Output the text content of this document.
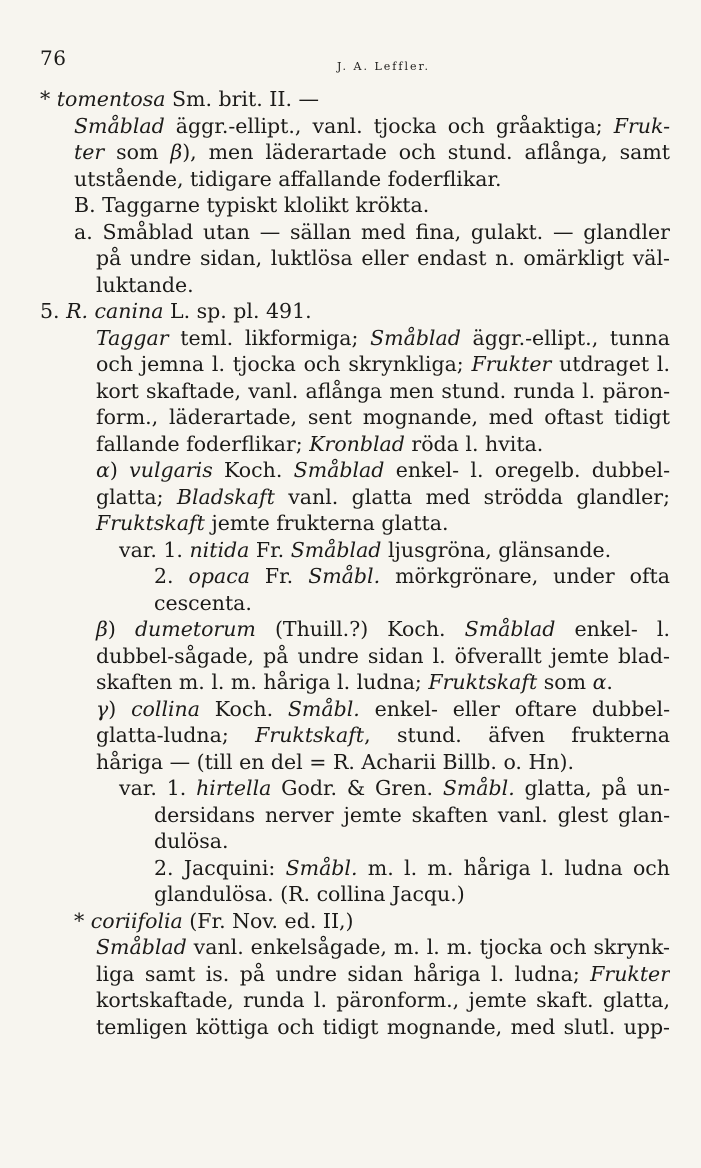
76	J. A. Leffler.
* tomentosa Sm. brit. II. —
Småblad äggr.-ellipt., vanl. tjocka och gråaktiga; Fruk-
ter som β), men läderartade och stund. aflånga, samt
utstående, tidigare affallande foderflikar.
B. Taggarne typiskt klolikt krökta.
a. Småblad utan — sällan med fina, gulakt. — glandler
på undre sidan, luktlösa eller endast n. omärkligt väl-
luktande.
5. R. canina L. sp. pl. 491.
Taggar teml. likformiga; Småblad äggr.-ellipt., tunna
och jemna l. tjocka och skrynkliga; Frukter utdraget l.
kort skaftade, vanl. aflånga men stund. runda l. päron-
form., läderartade, sent mognande, med oftast tidigt
fallande foderflikar; Kronblad röda l. hvita.
α) vulgaris Koch. Småblad enkel- l. oregelb. dubbel-
glatta; Bladskaft vanl. glatta med strödda glandler;
Fruktskaft jemte frukterna glatta.
var. 1. nitida Fr. Småblad ljusgröna, glänsande.
2. opaca Fr. Småbl. mörkgrönare, under ofta
cescenta.
β) dumetorum (Thuill.?) Koch. Småblad enkel- l.
dubbel-sågade, på undre sidan l. öfverallt jemte blad-
skaften m. l. m. håriga l. ludna; Fruktskaft som α.
γ) collina Koch. Småbl. enkel- eller oftare dubbel-
glatta-ludna; Fruktskaft, stund. äfven frukterna
håriga — (till en del = R. Acharii Billb. o. Hn).
var. 1. hirtella Godr. & Gren. Småbl. glatta, på un-
dersidans nerver jemte skaften vanl. glest glan-
dulösa.
2. Jacquini: Småbl. m. l. m. håriga l. ludna och
glandulösa. (R. collina Jacqu.)
* coriifolia (Fr. Nov. ed. II,)
Småblad vanl. enkelsågade, m. l. m. tjocka och skrynk-
liga samt is. på undre sidan håriga l. ludna; Frukter
kortskaftade, runda l. päronform., jemte skaft. glatta,
temligen köttiga och tidigt mognande, med slutl. upp-
